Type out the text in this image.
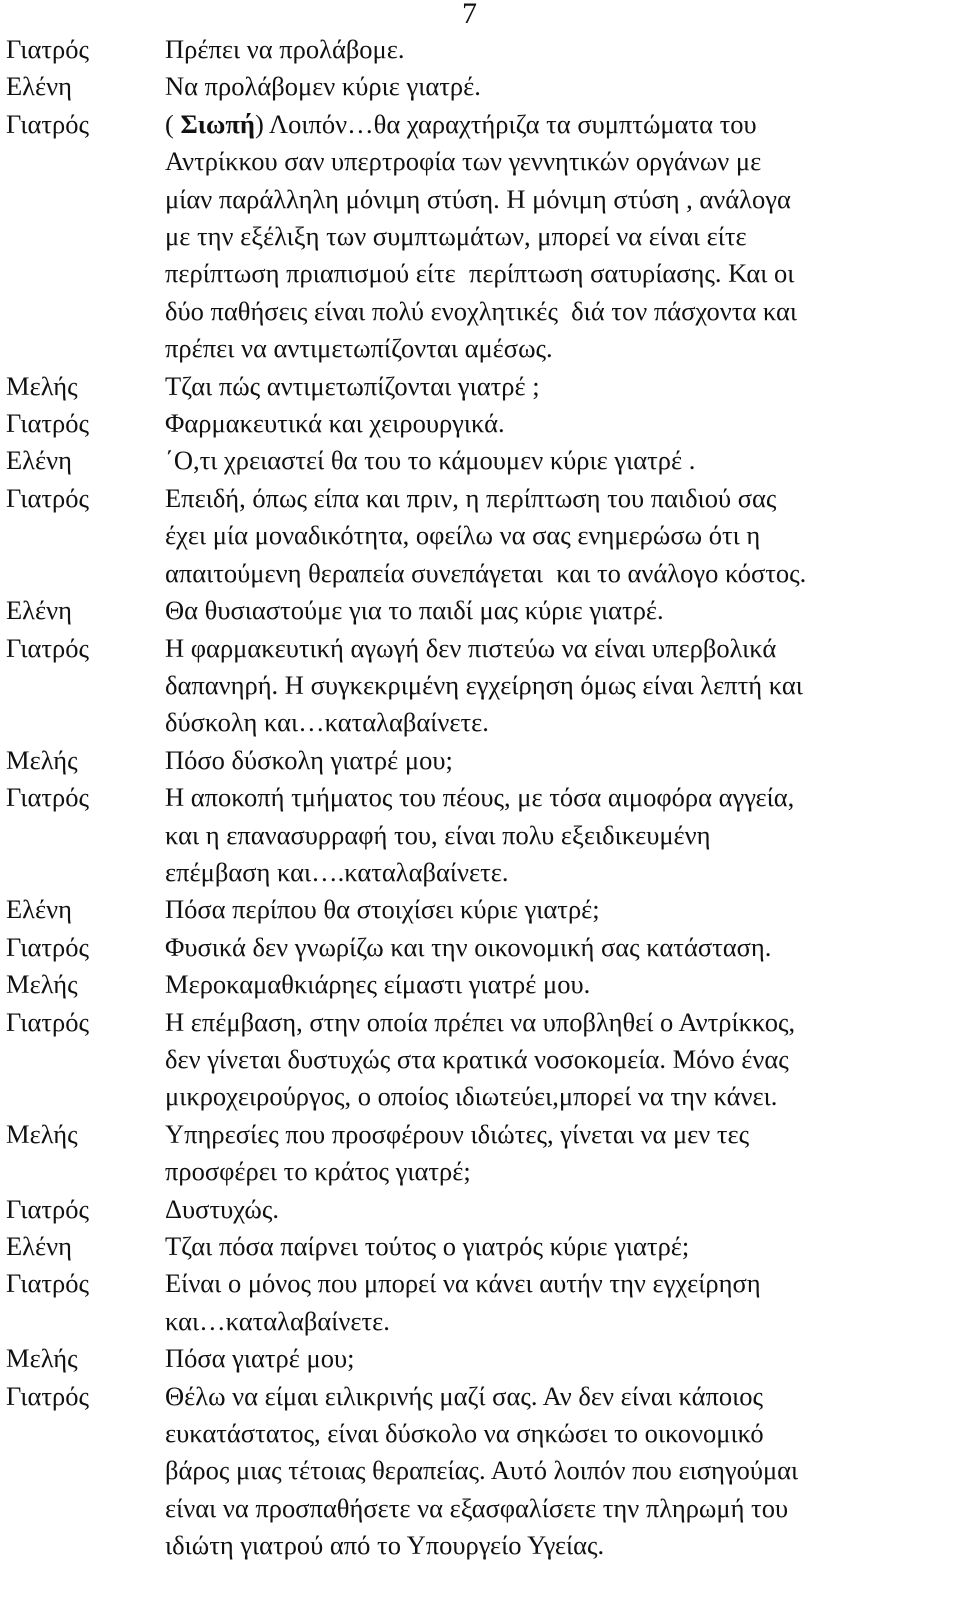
7
Γιατρός	Πρέπει να προλάβομε.
Ελένη	Να προλάβομεν κύριε γιατρέ.
Γιατρός	( Σιωπή) Λοιπόν…θα χαραχτήριζα τα συμπτώματα του
Αντρίκκου σαν υπερτροφία των γεννητικών οργάνων με
μίαν παράλληλη μόνιμη στύση. Η μόνιμη στύση , ανάλογα
με την εξέλιξη των συμπτωμάτων, μπορεί να είναι είτε
περίπτωση πριαπισμού είτε  περίπτωση σατυρίασης. Και οι
δύο παθήσεις είναι πολύ ενοχλητικές  διά τον πάσχοντα και
πρέπει να αντιμετωπίζονται αμέσως.
Μελής	Τζαι πώς αντιμετωπίζονται γιατρέ ;
Γιατρός	Φαρμακευτικά και χειρουργικά.
Ελένη	΄Ο,τι χρειαστεί θα του το κάμουμεν κύριε γιατρέ .
Γιατρός	Επειδή, όπως είπα και πριν, η περίπτωση του παιδιού σας
έχει μία μοναδικότητα, οφείλω να σας ενημερώσω ότι η
απαιτούμενη θεραπεία συνεπάγεται  και το ανάλογο κόστος.
Ελένη	Θα θυσιαστούμε για το παιδί μας κύριε γιατρέ.
Γιατρός	Η φαρμακευτική αγωγή δεν πιστεύω να είναι υπερβολικά
δαπανηρή. Η συγκεκριμένη εγχείρηση όμως είναι λεπτή και
δύσκολη και…καταλαβαίνετε.
Μελής	Πόσο δύσκολη γιατρέ μου;
Γιατρός	Η αποκοπή τμήματος του πέους, με τόσα αιμοφόρα αγγεία,
και η επανασυρραφή του, είναι πολυ εξειδικευμένη
επέμβαση και….καταλαβαίνετε.
Ελένη	Πόσα περίπου θα στοιχίσει κύριε γιατρέ;
Γιατρός	Φυσικά δεν γνωρίζω και την οικονομική σας κατάσταση.
Μελής	Μεροκαμαθκιάρηες είμαστι γιατρέ μου.
Γιατρός	Η επέμβαση, στην οποία πρέπει να υποβληθεί ο Αντρίκκος,
δεν γίνεται δυστυχώς στα κρατικά νοσοκομεία. Μόνο ένας
μικροχειρούργος, ο οποίος ιδιωτεύει,μπορεί να την κάνει.
Μελής	Υπηρεσίες που προσφέρουν ιδιώτες, γίνεται να μεν τες
προσφέρει το κράτος γιατρέ;
Γιατρός	Δυστυχώς.
Ελένη	Τζαι πόσα παίρνει τούτος ο γιατρός κύριε γιατρέ;
Γιατρός	Είναι ο μόνος που μπορεί να κάνει αυτήν την εγχείρηση
και…καταλαβαίνετε.
Μελής	Πόσα γιατρέ μου;
Γιατρός	Θέλω να είμαι ειλικρινής μαζί σας. Αν δεν είναι κάποιος
ευκατάστατος, είναι δύσκολο να σηκώσει το οικονομικό
βάρος μιας τέτοιας θεραπείας. Αυτό λοιπόν που εισηγούμαι
είναι να προσπαθήσετε να εξασφαλίσετε την πληρωμή του
ιδιώτη γιατρού από το Υπουργείο Υγείας.
